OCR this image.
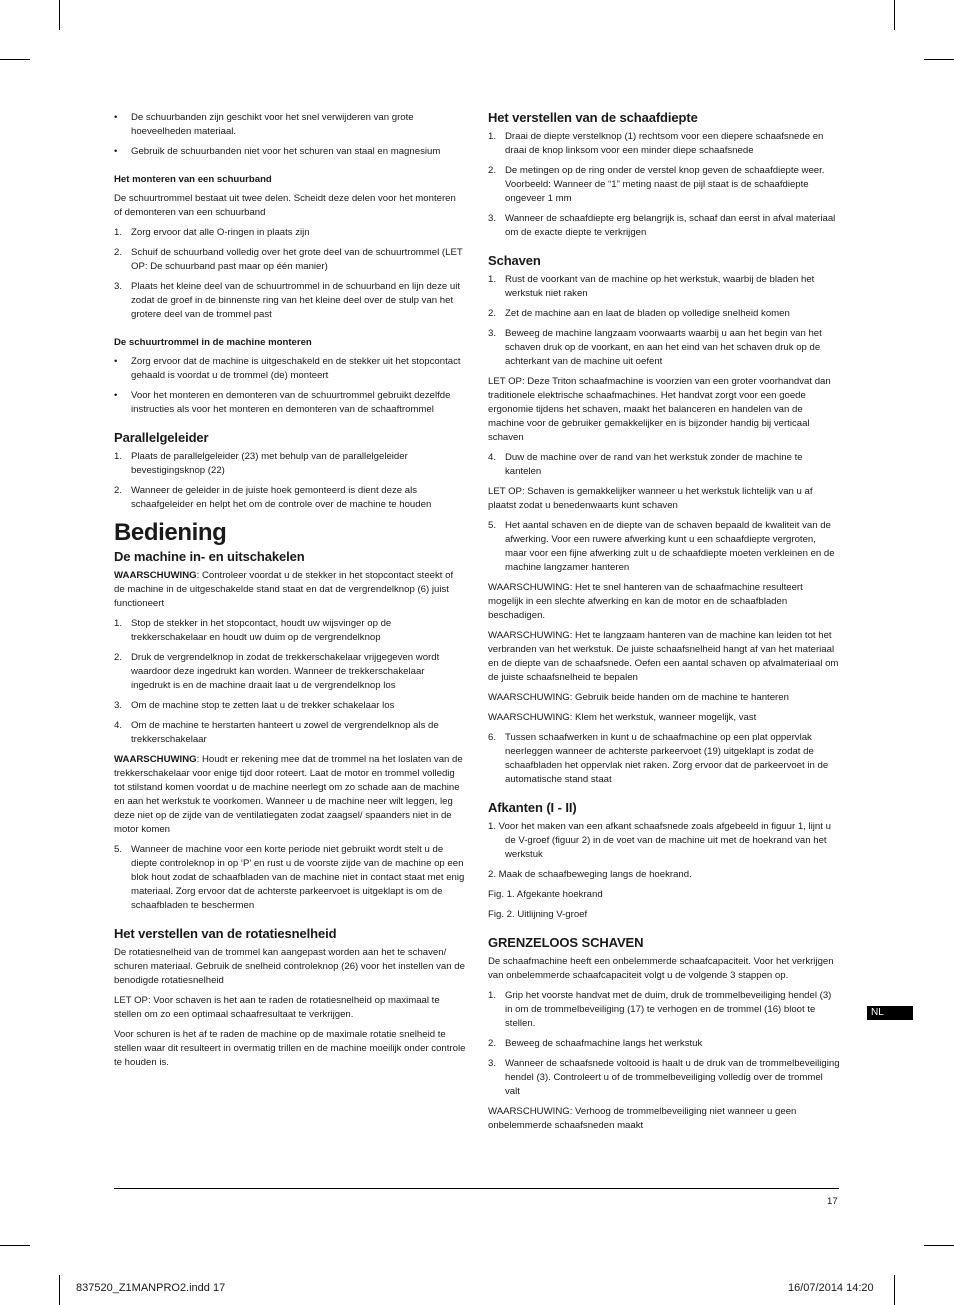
•	De schuurbanden zijn geschikt voor het snel verwijderen van grote hoeveelheden materiaal.
•	Gebruik de schuurbanden niet voor het schuren van staal en magnesium
Het monteren van een schuurband

De schuurtrommel bestaat uit twee delen. Scheidt deze delen voor het monteren of demonteren van een schuurband

1. Zorg ervoor dat alle O-ringen in plaats zijn
2. Schuif de schuurband volledig over het grote deel van de schuurtrommel (LET OP: De schuurband past maar op één manier)
3. Plaats het kleine deel van de schuurtrommel in de schuurband en lijn deze uit zodat de groef in de binnenste ring van het kleine deel over de stulp van het grotere deel van de trommel past
De schuurtrommel in de machine monteren
•	Zorg ervoor dat de machine is uitgeschakeld en de stekker uit het stopcontact gehaald is voordat u de trommel (de) monteert
•	Voor het monteren en demonteren van de schuurtrommel gebruikt dezelfde instructies als voor het monteren en demonteren van de schaaftrommel
Parallelgeleider
1. Plaats de parallelgeleider (23) met behulp van de parallelgeleider bevestigingsknop (22)
2. Wanneer de geleider in de juiste hoek gemonteerd is dient deze als schaafgeleider en helpt het om de controle over de machine te houden
Bediening
De machine in- en uitschakelen

WAARSCHUWING: Controleer voordat u de stekker in het stopcontact steekt of de machine in de uitgeschakelde stand staat en dat de vergrendelknop (6) juist functioneert

1. Stop de stekker in het stopcontact, houdt uw wijsvinger op de trekkerschakelaar en houdt uw duim op de vergrendelknop
2. Druk de vergrendelknop in zodat de trekkerschakelaar vrijgegeven wordt waardoor deze ingedrukt kan worden. Wanneer de trekkerschakelaar ingedrukt is en de machine draait laat u de vergrendelknop los
3. Om de machine stop te zetten laat u de trekker schakelaar los
4. Om de machine te herstarten hanteert u zowel de vergrendelknop als de trekkerschakelaar

WAARSCHUWING: Houdt er rekening mee dat de trommel na het loslaten van de trekkerschakelaar voor enige tijd door roteert. Laat de motor en trommel volledig tot stilstand komen voordat u de machine neerlegt om zo schade aan de machine en aan het werkstuk te voorkomen. Wanneer u de machine neer wilt leggen, leg deze niet op de zijde van de ventilatiegaten zodat zaagsel/ spaanders niet in de motor komen

5. Wanneer de machine voor een korte periode niet gebruikt wordt stelt u de diepte controleknop in op ‘P’ en rust u de voorste zijde van de machine op een blok hout zodat de schaafbladen van de machine niet in contact staat met enig materiaal. Zorg ervoor dat de achterste parkeervoet is uitgeklapt is om de schaafbladen te beschermen
Het verstellen van de rotatiesnelheid

De rotatiesnelheid van de trommel kan aangepast worden aan het te schaven/ schuren materiaal. Gebruik de snelheid controleknop (26) voor het instellen van de benodigde rotatiesnelheid

LET OP: Voor schaven is het aan te raden de rotatiesnelheid op maximaal te stellen om zo een optimaal schaafresultaat te verkrijgen.

Voor schuren is het af te raden de machine op de maximale rotatie snelheid te stellen waar dit resulteert in overmatig trillen en de machine moeilijk onder controle te houden is.

Het verstellen van de schaafdiepte
1. Draai de diepte verstelknop (1) rechtsom voor een diepere schaafsnede en draai de knop linksom voor een minder diepe schaafsnede
2. De metingen op de ring onder de verstel knop geven de schaafdiepte weer. Voorbeeld: Wanneer de “1” meting naast de pijl staat is de schaafdiepte ongeveer 1 mm
3. Wanneer de schaafdiepte erg belangrijk is, schaaf dan eerst in afval materiaal om de exacte diepte te verkrijgen
Schaven
1. Rust de voorkant van de machine op het werkstuk, waarbij de bladen het werkstuk niet raken
2. Zet de machine aan en laat de bladen op volledige snelheid komen
3. Beweeg de machine langzaam voorwaarts waarbij u aan het begin van het schaven druk op de voorkant, en aan het eind van het schaven druk op de achterkant van de machine uit oefent

LET OP: Deze Triton schaafmachine is voorzien van een groter voorhandvat dan traditionele elektrische schaafmachines. Het handvat zorgt voor een goede ergonomie tijdens het schaven, maakt het balanceren en handelen van de machine voor de gebruiker gemakkelijker en is bijzonder handig bij verticaal schaven

4. Duw de machine over de rand van het werkstuk zonder de machine te kantelen

LET OP: Schaven is gemakkelijker wanneer u het werkstuk lichtelijk van u af plaatst zodat u benedenwaarts kunt schaven

5. Het aantal schaven en de diepte van de schaven bepaald de kwaliteit van de afwerking. Voor een ruwere afwerking kunt u een schaafdiepte vergroten, maar voor een fijne afwerking zult u de schaafdiepte moeten verkleinen en de machine langzamer hanteren

WAARSCHUWING: Het te snel hanteren van de schaafmachine resulteert mogelijk in een slechte afwerking en kan de motor en de schaafbladen beschadigen.

WAARSCHUWING: Het te langzaam hanteren van de machine kan leiden tot het verbranden van het werkstuk. De juiste schaafsnelheid hangt af van het materiaal en de diepte van de schaafsnede. Oefen een aantal schaven op afvalmateriaal om de juiste schaafsnelheid te bepalen

WAARSCHUWING: Gebruik beide handen om de machine te hanteren

WAARSCHUWING: Klem het werkstuk, wanneer mogelijk, vast

6. Tussen schaafwerken in kunt u de schaafmachine op een plat oppervlak neerleggen wanneer de achterste parkeervoet (19) uitgeklapt is zodat de schaafbladen het oppervlak niet raken. Zorg ervoor dat de parkeervoet in de automatische stand staat
Afkanten (I - II)

1. Voor het maken van een afkant schaafsnede zoals afgebeeld in figuur 1, lijnt u de V-groef (figuur 2) in de voet van de machine uit met de hoekrand van het werkstuk

2. Maak de schaafbeweging langs de hoekrand.

Fig. 1. Afgekante hoekrand

Fig. 2. Uitlijning V-groef

GRENZELOOS SCHAVEN

De schaafmachine heeft een onbelemmerde schaafcapaciteit. Voor het verkrijgen van onbelemmerde schaafcapaciteit volgt u de volgende 3 stappen op.

1. Grip het voorste handvat met de duim, druk de trommelbeveiliging hendel (3) in om de trommelbeveiliging (17) te verhogen en de trommel (16) bloot te stellen.
2. Beweeg de schaafmachine langs het werkstuk
3. Wanneer de schaafsnede voltooid is haalt u de druk van de trommelbeveiliging hendel (3). Controleert u of de trommelbeveiliging volledig over de trommel valt

WAARSCHUWING: Verhoog de trommelbeveiliging niet wanneer u geen onbelemmerde schaafsneden maakt

NL
17
837520_Z1MANPRO2.indd 17	16/07/2014 14:20
